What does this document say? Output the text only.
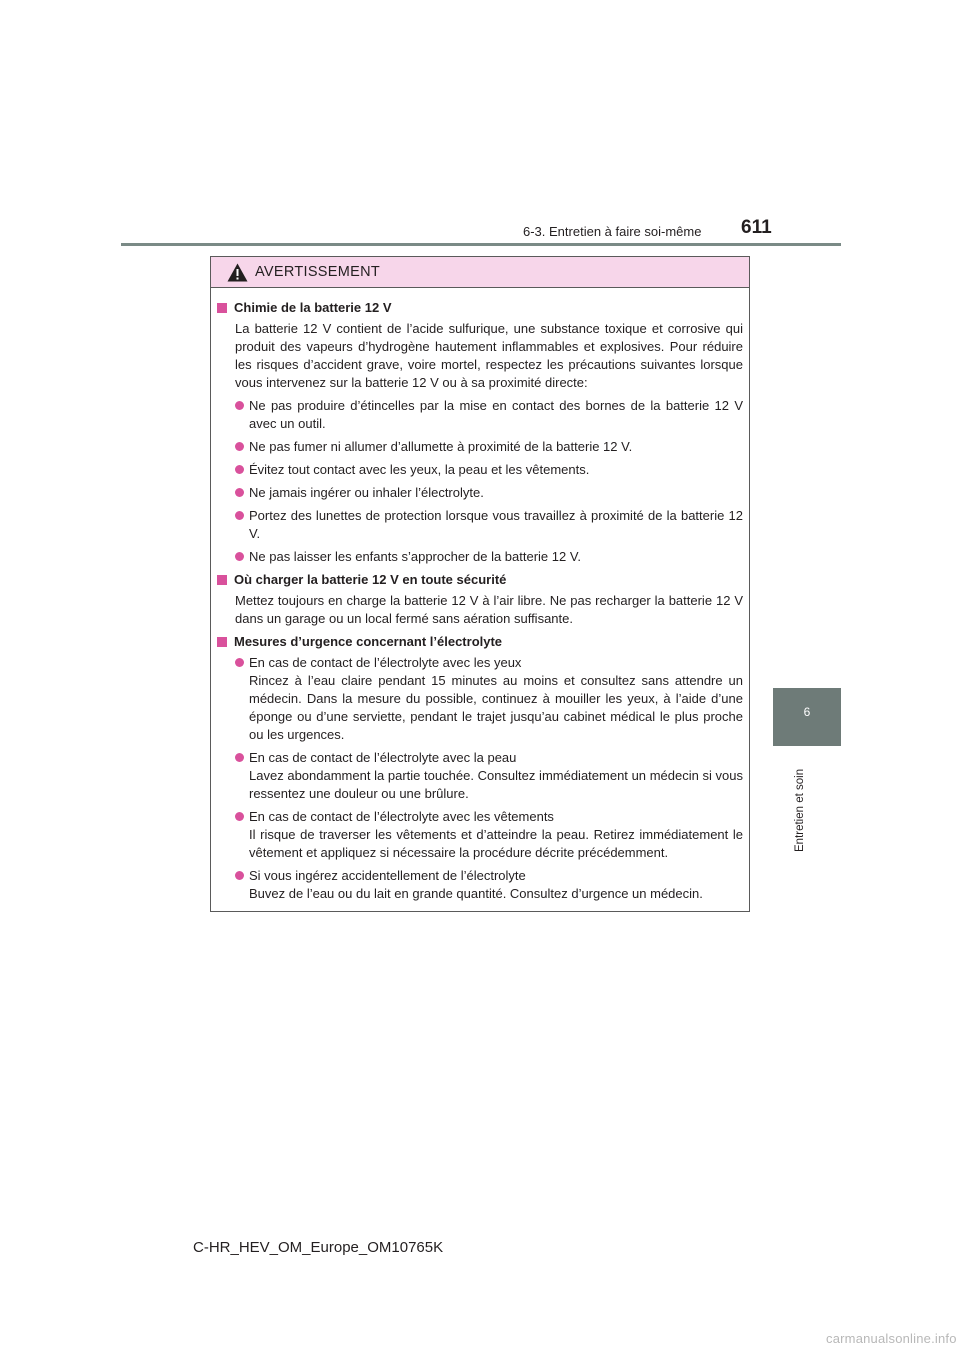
6-3. Entretien à faire soi-même 611
6
Entretien et soin
AVERTISSEMENT
Chimie de la batterie 12 V
La batterie 12 V contient de l’acide sulfurique, une substance toxique et corrosive qui produit des vapeurs d’hydrogène hautement inflammables et explosives. Pour réduire les risques d’accident grave, voire mortel, respectez les précautions suivantes lorsque vous intervenez sur la batterie 12 V ou à sa proximité directe:
Ne pas produire d’étincelles par la mise en contact des bornes de la batterie 12 V avec un outil.
Ne pas fumer ni allumer d’allumette à proximité de la batterie 12 V.
Évitez tout contact avec les yeux, la peau et les vêtements.
Ne jamais ingérer ou inhaler l’électrolyte.
Portez des lunettes de protection lorsque vous travaillez à proximité de la batterie 12 V.
Ne pas laisser les enfants s’approcher de la batterie 12 V.
Où charger la batterie 12 V en toute sécurité
Mettez toujours en charge la batterie 12 V à l’air libre. Ne pas recharger la batterie 12 V dans un garage ou un local fermé sans aération suffisante.
Mesures d’urgence concernant l’électrolyte
En cas de contact de l’électrolyte avec les yeux
Rincez à l’eau claire pendant 15 minutes au moins et consultez sans attendre un médecin. Dans la mesure du possible, continuez à mouiller les yeux, à l’aide d’une éponge ou d’une serviette, pendant le trajet jusqu’au cabinet médical le plus proche ou les urgences.
En cas de contact de l’électrolyte avec la peau
Lavez abondamment la partie touchée. Consultez immédiatement un médecin si vous ressentez une douleur ou une brûlure.
En cas de contact de l’électrolyte avec les vêtements
Il risque de traverser les vêtements et d’atteindre la peau. Retirez immédiatement le vêtement et appliquez si nécessaire la procédure décrite précédemment.
Si vous ingérez accidentellement de l’électrolyte
Buvez de l’eau ou du lait en grande quantité. Consultez d’urgence un médecin.
C-HR_HEV_OM_Europe_OM10765K
carmanualsonline.info
